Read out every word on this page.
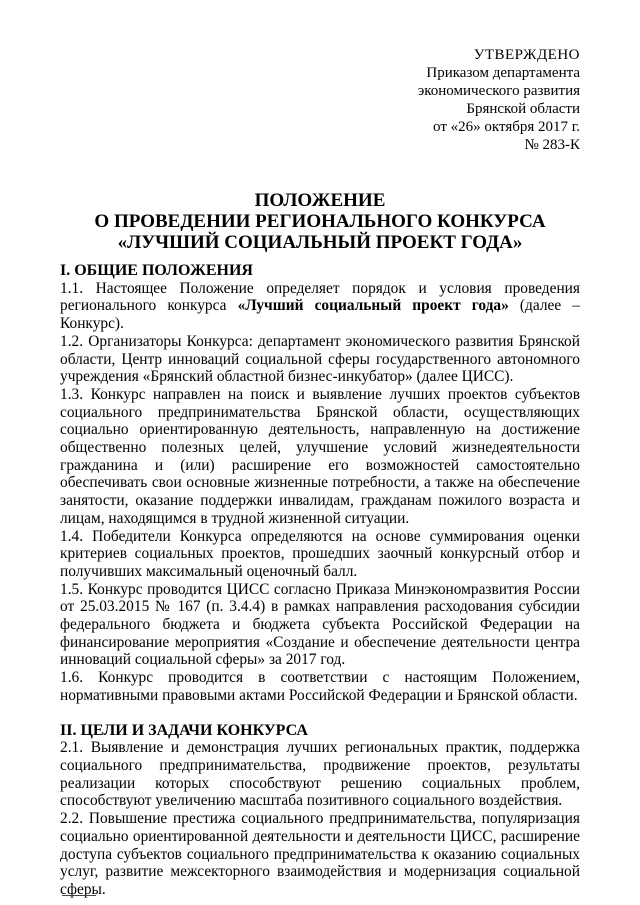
УТВЕРЖДЕНО
Приказом департамента
экономического развития
Брянской области
от «26» октября 2017 г.
№ 283-К
ПОЛОЖЕНИЕ
О ПРОВЕДЕНИИ РЕГИОНАЛЬНОГО КОНКУРСА
«ЛУЧШИЙ СОЦИАЛЬНЫЙ ПРОЕКТ ГОДА»

I. ОБЩИЕ ПОЛОЖЕНИЯ

1.1. Настоящее Положение определяет порядок и условия проведения регионального конкурса «Лучший социальный проект года» (далее – Конкурс).

1.2. Организаторы Конкурса: департамент экономического развития Брянской области, Центр инноваций социальной сферы государственного автономного учреждения «Брянский областной бизнес-инкубатор» (далее ЦИСС).

1.3. Конкурс направлен на поиск и выявление лучших проектов субъектов социального предпринимательства Брянской области, осуществляющих социально ориентированную деятельность, направленную на достижение общественно полезных целей, улучшение условий жизнедеятельности гражданина и (или) расширение его возможностей самостоятельно обеспечивать свои основные жизненные потребности, а также на обеспечение занятости, оказание поддержки инвалидам, гражданам пожилого возраста и лицам, находящимся в трудной жизненной ситуации.

1.4. Победители Конкурса определяются на основе суммирования оценки критериев социальных проектов, прошедших заочный конкурсный отбор и получивших максимальный оценочный балл.

1.5. Конкурс проводится ЦИСС согласно Приказа Минэкономразвития России от 25.03.2015 № 167 (п. 3.4.4) в рамках направления расходования субсидии федерального бюджета и бюджета субъекта Российской Федерации на финансирование мероприятия «Создание и обеспечение деятельности центра инноваций социальной сферы» за 2017 год.

1.6. Конкурс проводится в соответствии с настоящим Положением, нормативными правовыми актами Российской Федерации и Брянской области.

II. ЦЕЛИ И ЗАДАЧИ КОНКУРСА

2.1. Выявление и демонстрация лучших региональных практик, поддержка социального предпринимательства, продвижение проектов, результаты реализации которых способствуют решению социальных проблем, способствуют увеличению масштаба позитивного социального воздействия.

2.2. Повышение престижа социального предпринимательства, популяризация социально ориентированной деятельности и деятельности ЦИСС, расширение доступа субъектов социального предпринимательства к оказанию социальных услуг, развитие межсекторного взаимодействия и модернизация социальной сферы.
